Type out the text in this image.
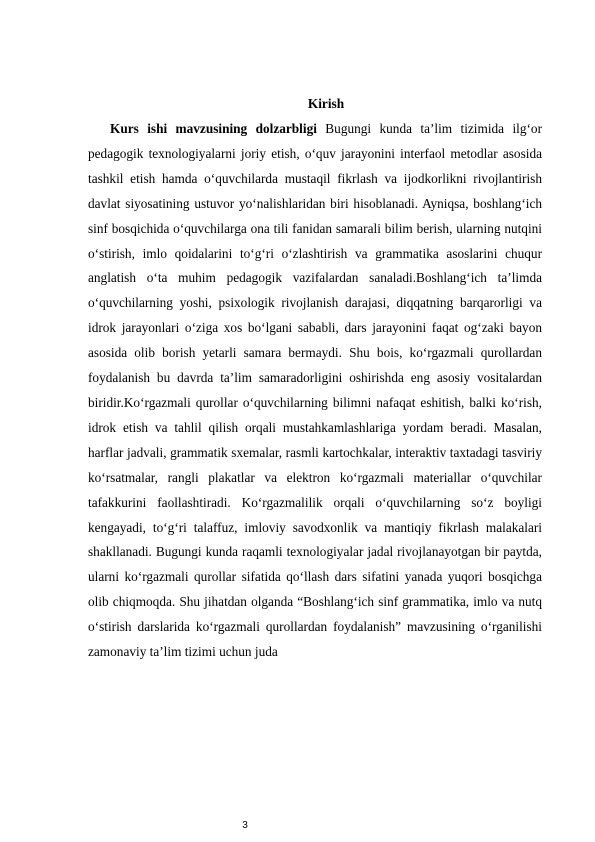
Kirish

Kurs ishi mavzusining dolzarbligi Bugungi kunda ta’lim tizimida ilg‘or pedagogik texnologiyalarni joriy etish, o‘quv jarayonini interfaol metodlar asosida tashkil etish hamda o‘quvchilarda mustaqil fikrlash va ijodkorlikni rivojlantirish davlat siyosatining ustuvor yo‘nalishlaridan biri hisoblanadi. Ayniqsa, boshlang‘ich sinf bosqichida o‘quvchilarga ona tili fanidan samarali bilim berish, ularning nutqini o‘stirish, imlo qoidalarini to‘g‘ri o‘zlashtirish va grammatika asoslarini chuqur anglatish o‘ta muhim pedagogik vazifalardan sanaladi.Boshlang‘ich ta’limda o‘quvchilarning yoshi, psixologik rivojlanish darajasi, diqqatning barqarorligi va idrok jarayonlari o‘ziga xos bo‘lgani sababli, dars jarayonini faqat og‘zaki bayon asosida olib borish yetarli samara bermaydi. Shu bois, ko‘rgazmali qurollardan foydalanish bu davrda ta’lim samaradorligini oshirishda eng asosiy vositalardan biridir.Ko‘rgazmali qurollar o‘quvchilarning bilimni nafaqat eshitish, balki ko‘rish, idrok etish va tahlil qilish orqali mustahkamlashlariga yordam beradi. Masalan, harflar jadvali, grammatik sxemalar, rasmli kartochkalar, interaktiv taxtadagi tasviriy ko‘rsatmalar, rangli plakatlar va elektron ko‘rgazmali materiallar o‘quvchilar tafakkurini faollashtiradi. Ko‘rgazmalilik orqali o‘quvchilarning so‘z boyligi kengayadi, to‘g‘ri talaffuz, imloviy savodxonlik va mantiqiy fikrlash malakalari shakllanadi. Bugungi kunda raqamli texnologiyalar jadal rivojlanayotgan bir paytda, ularni ko‘rgazmali qurollar sifatida qo‘llash dars sifatini yanada yuqori bosqichga olib chiqmoqda. Shu jihatdan olganda “Boshlang‘ich sinf grammatika, imlo va nutq o‘stirish darslarida ko‘rgazmali qurollardan foydalanish” mavzusining o‘rganilishi zamonaviy ta’lim tizimi uchun juda

3
